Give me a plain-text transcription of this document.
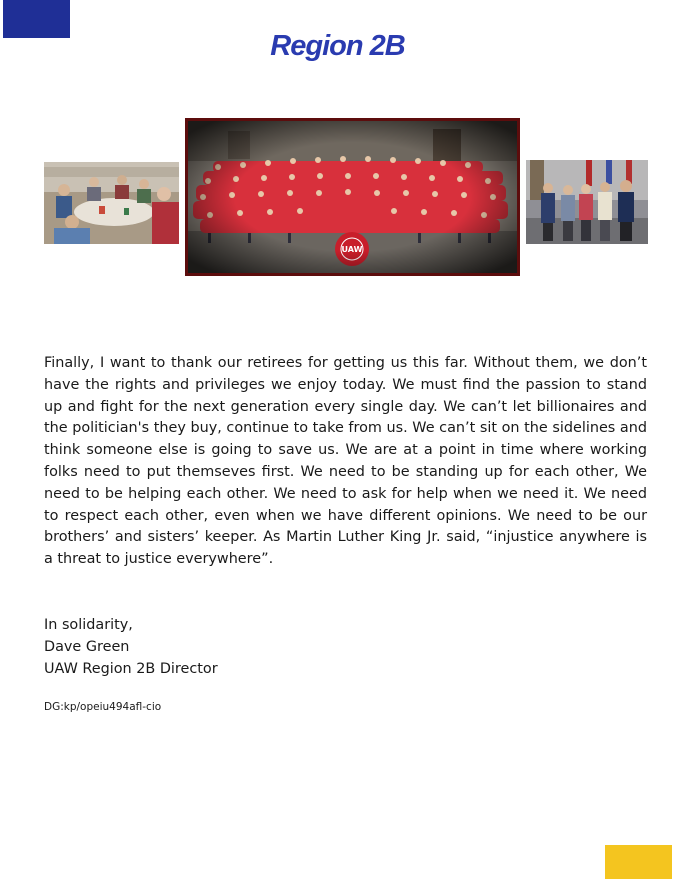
Region 2B

Finally, I want to thank our retirees for getting us this far. Without them, we don’t have the rights and privileges we enjoy today. We must find the passion to stand up and fight for the next generation every single day. We can’t let billionaires and the politician's they buy, continue to take from us. We can’t sit on the sidelines and think someone else is going to save us. We are at a point in time where working folks need to put themseves first. We need to be standing up for each other, We need to be helping each other. We need to ask for help when we need it. We need to respect each other, even when we have different opinions. We need to be our brothers’ and sisters’ keeper. As Martin Luther King Jr. said, “injustice anywhere is a threat to justice everywhere”.

In solidarity,
Dave Green
UAW Region 2B Director
DG:kp/opeiu494afl-cio
